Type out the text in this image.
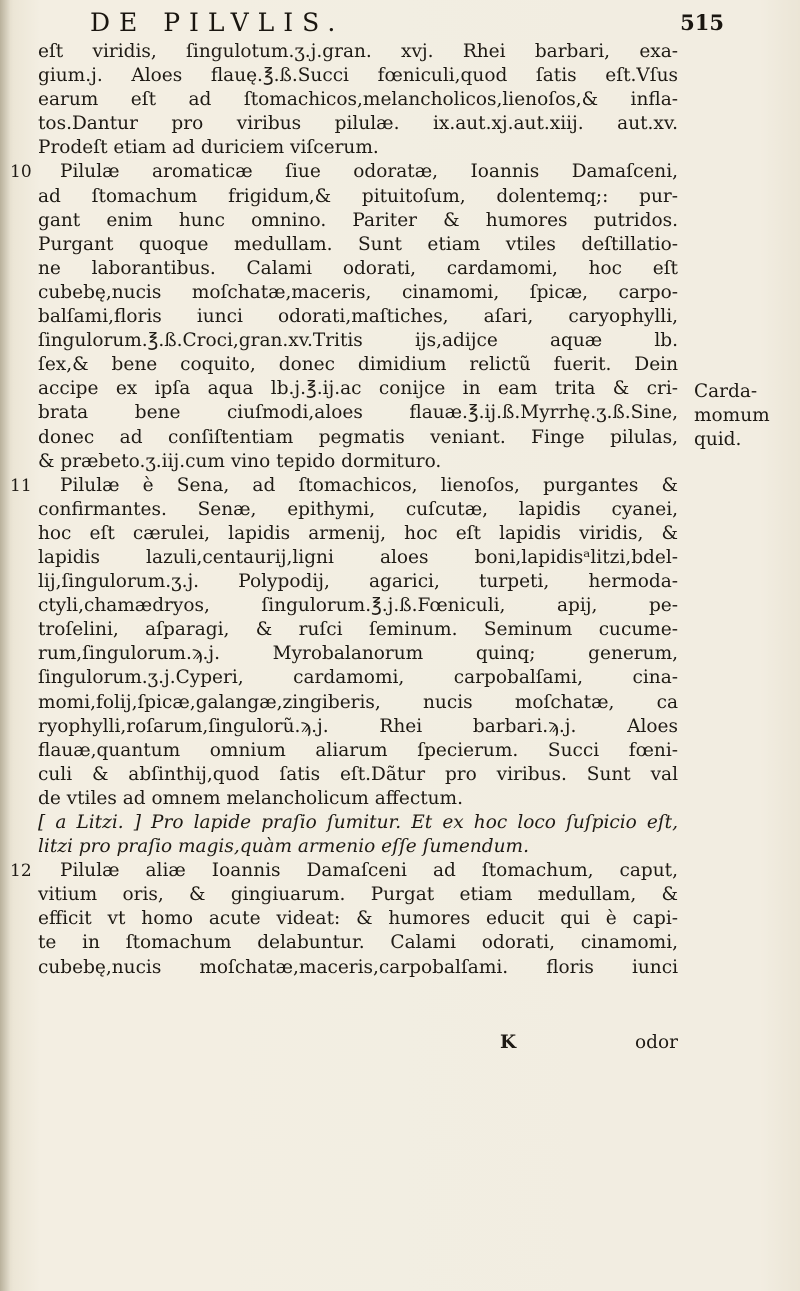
DE PILVLIS.	515
eſt viridis, ſingulotum.ʒ.j.gran. xvj. Rhei barbari, exa-
gium.j. Aloes flauę.℥.ß.Succi fœniculi,quod ſatis eſt.Vſus
earum eſt ad ſtomachicos,melancholicos,lienoſos,& infla-
tos.Dantur pro viribus pilulæ. ix.aut.xj.aut.xiij. aut.xv.
Prodeſt etiam ad duriciem viſcerum.
10 Pilulæ aromaticæ ſiue odoratæ, Ioannis Damaſceni,
ad ſtomachum frigidum,& pituitoſum, dolentemq;: pur-
gant enim hunc omnino. Pariter & humores putridos.
Purgant quoque medullam. Sunt etiam vtiles deſtillatio-
ne laborantibus. Calami odorati, cardamomi, hoc eſt
cubebę,nucis moſchatæ,maceris, cinamomi, ſpicæ, carpo-
balſami,floris iunci odorati,maſtiches, aſari, caryophylli,
ſingulorum.℥.ß.Croci,gran.xv.Tritis ijs,adijce aquæ lb.
ſex,& bene coquito, donec dimidium relictũ fuerit. Dein
accipe ex ipſa aqua lb.j.℥.ij.ac conijce in eam trita & cri-
brata bene ciuſmodi,aloes flauæ.℥.ij.ß.Myrrhę.ʒ.ß.Sine,
donec ad conſiſtentiam pegmatis veniant. Finge pilulas,
& præbeto.ʒ.iij.cum vino tepido dormituro.
11 Pilulæ è Sena, ad ſtomachicos, lienoſos, purgantes &
confirmantes. Senæ, epithymi, cuſcutæ, lapidis cyanei,
hoc eſt cærulei, lapidis armenij, hoc eſt lapidis viridis, &
lapidis lazuli,centaurij,ligni aloes boni,lapidisᵃlitzi,bdel-
lij,ſingulorum.ʒ.j. Polypodij, agarici, turpeti, hermoda-
ctyli,chamædryos, ſingulorum.℥.j.ß.Fœniculi, apij, pe-
troſelini, aſparagi, & ruſci ſeminum. Seminum cucume-
rum,ſingulorum.ϡ.j. Myrobalanorum quinq; generum,
ſingulorum.ʒ.j.Cyperi, cardamomi, carpobalſami, cina-
momi,folij,ſpicæ,galangæ,zingiberis, nucis moſchatæ, ca
ryophylli,roſarum,ſingulorũ.ϡ.j. Rhei barbari.ϡ.j. Aloes
flauæ,quantum omnium aliarum ſpecierum. Succi fœni-
culi & abſinthij,quod ſatis eſt.Dãtur pro viribus. Sunt val
de vtiles ad omnem melancholicum affectum.
[ a Litzi. ] Pro lapide praſio ſumitur. Et ex hoc loco ſuſpicio eſt,
litzi pro praſio magis,quàm armenio eſſe ſumendum.
12 Pilulæ aliæ Ioannis Damaſceni ad ſtomachum, caput,
vitium oris, & gingiuarum. Purgat etiam medullam, &
efficit vt homo acute videat: & humores educit qui è capi-
te in ſtomachum delabuntur. Calami odorati, cinamomi,
cubebę,nucis moſchatæ,maceris,carpobalſami. floris iunci
Carda-
momum
quid.
K	odor
